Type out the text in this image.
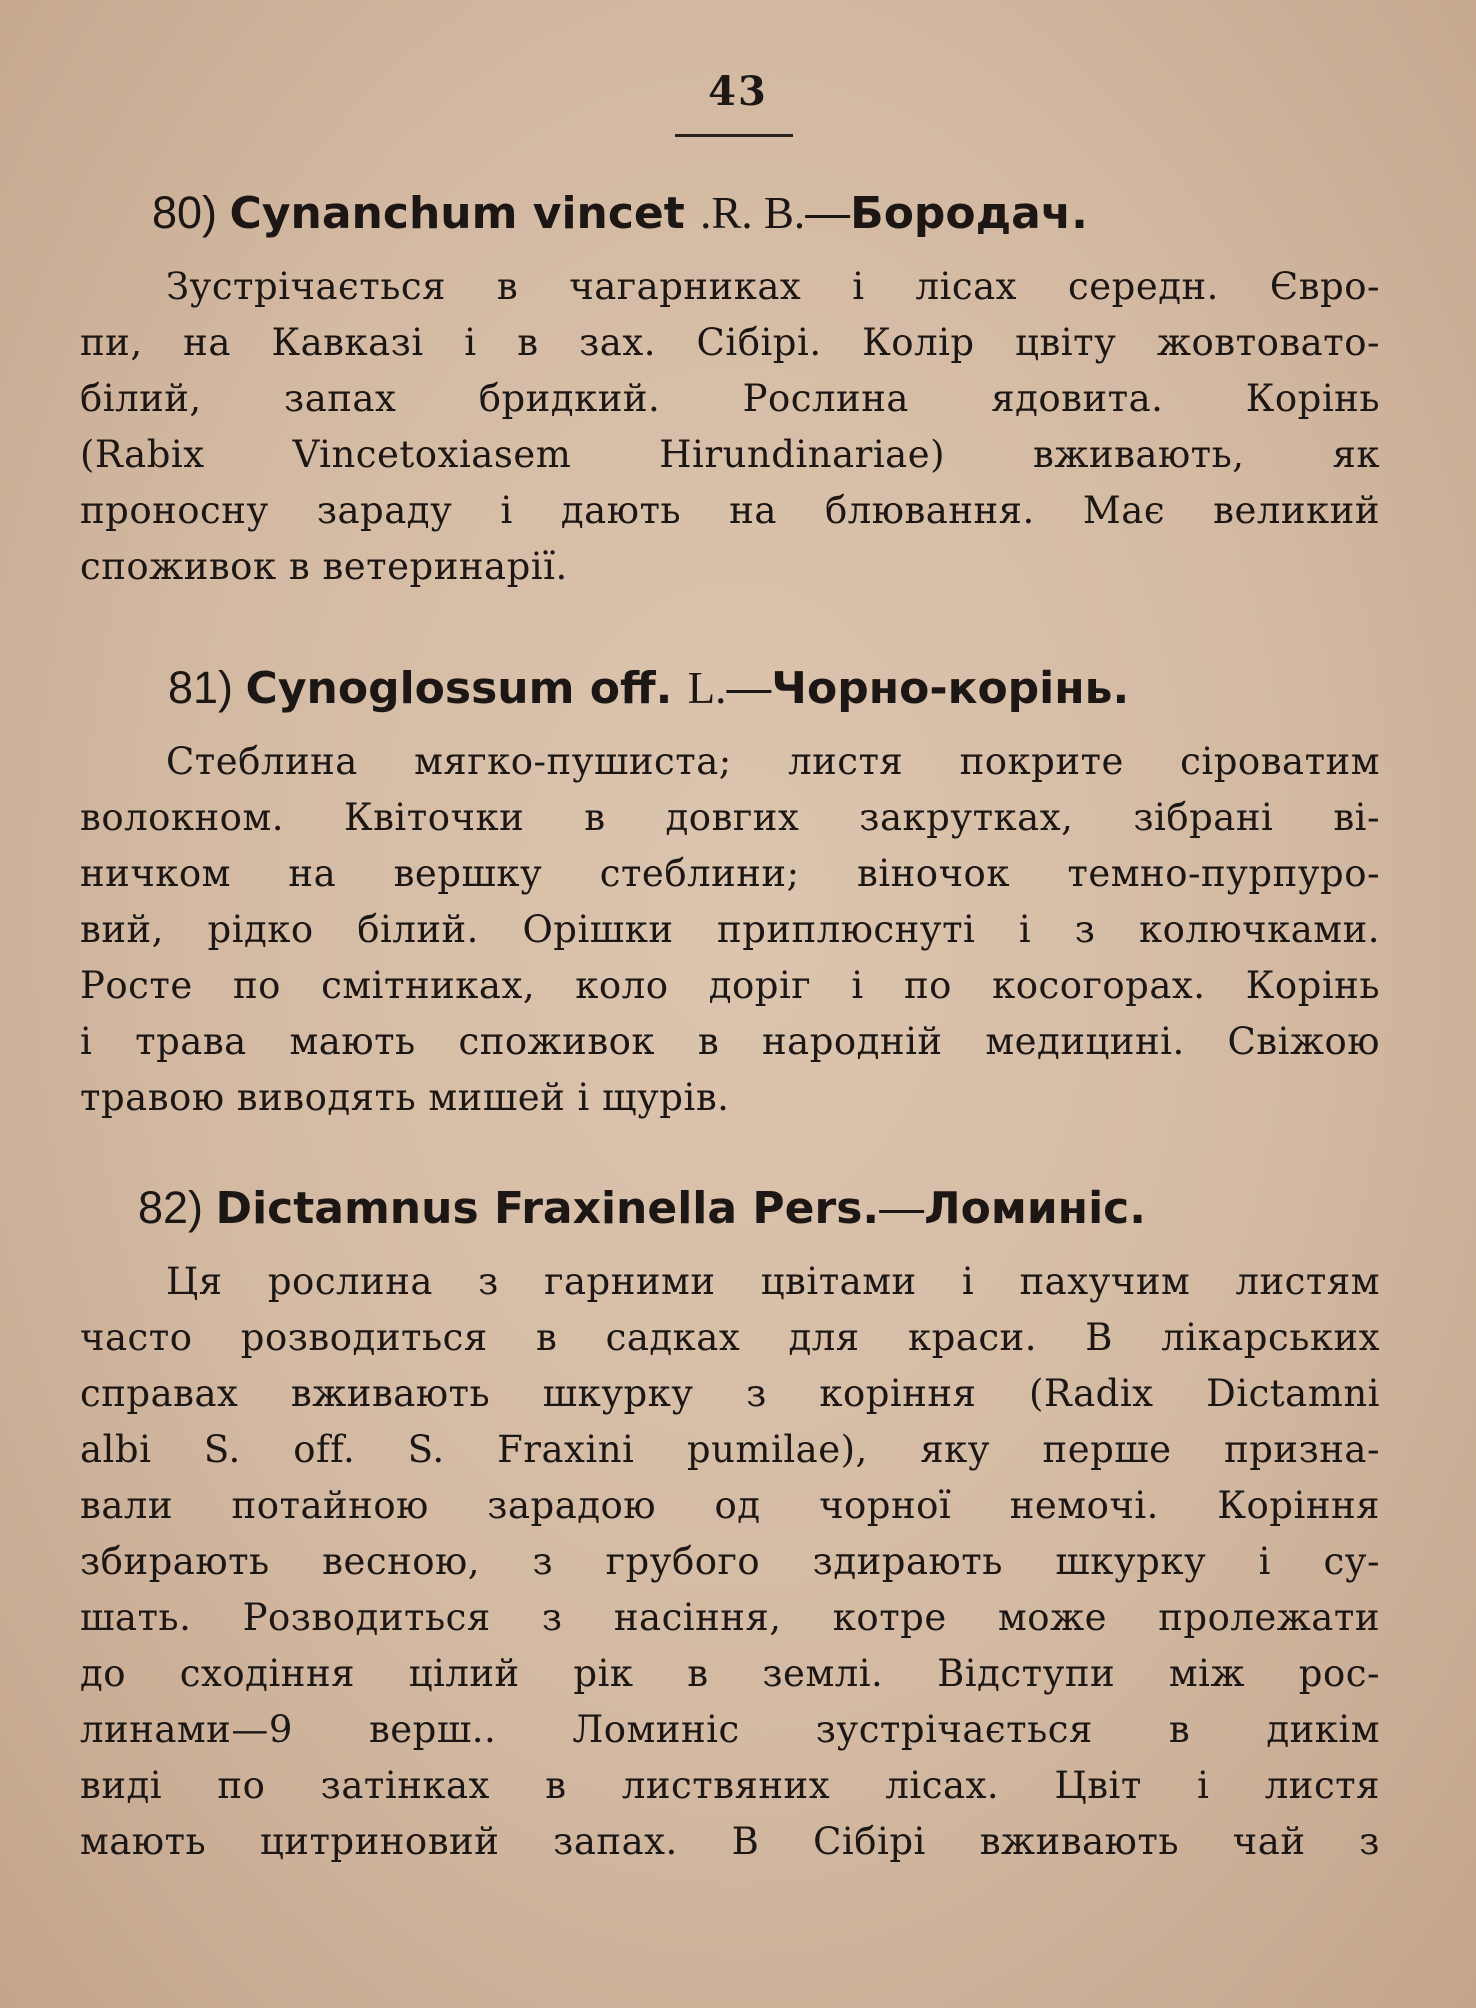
43

80) Cynanchum vincet .R. B.—Бородач.
Зустрічається в чагарниках і лісах середн. Євро-
пи, на Кавказі і в зах. Сібірі. Колір цвіту жовтовато-
білий, запах бридкий. Рослина ядовита. Корінь
(Rabix Vincetoxiasem Hirundinariae) вживають, як
проносну зараду і дають на блювання. Має великий
споживок в ветеринарії.
81) Cynoglossum off. L.—Чорно-корінь.
Стеблина мягко-пушиста; листя покрите сіроватим
волокном. Квіточки в довгих закрутках, зібрані ві-
ничком на вершку стеблини; віночок темно-пурпуро-
вий, рідко білий. Орішки приплюснуті і з колючками.
Росте по смітниках, коло доріг і по косогорах. Корінь
і трава мають споживок в народній медицині. Свіжою
травою виводять мишей і щурів.
82) Dictamnus Fraxinella Pers.—Ломиніс.
Ця рослина з гарними цвітами і пахучим листям
часто розводиться в садках для краси. В лікарських
справах вживають шкурку з коріння (Radix Dictamni
albi S. off. S. Fraxini pumilae), яку перше призна-
вали потайною зарадою од чорної немочі. Коріння
збирають весною, з грубого здирають шкурку і су-
шать. Розводиться з насіння, котре може пролежати
до сходіння цілий рік в землі. Відступи між рос-
линами—9 верш.. Ломиніс зустрічається в дикім
виді по затінках в листвяних лісах. Цвіт і листя
мають цитриновий запах. В Сібірі вживають чай з
